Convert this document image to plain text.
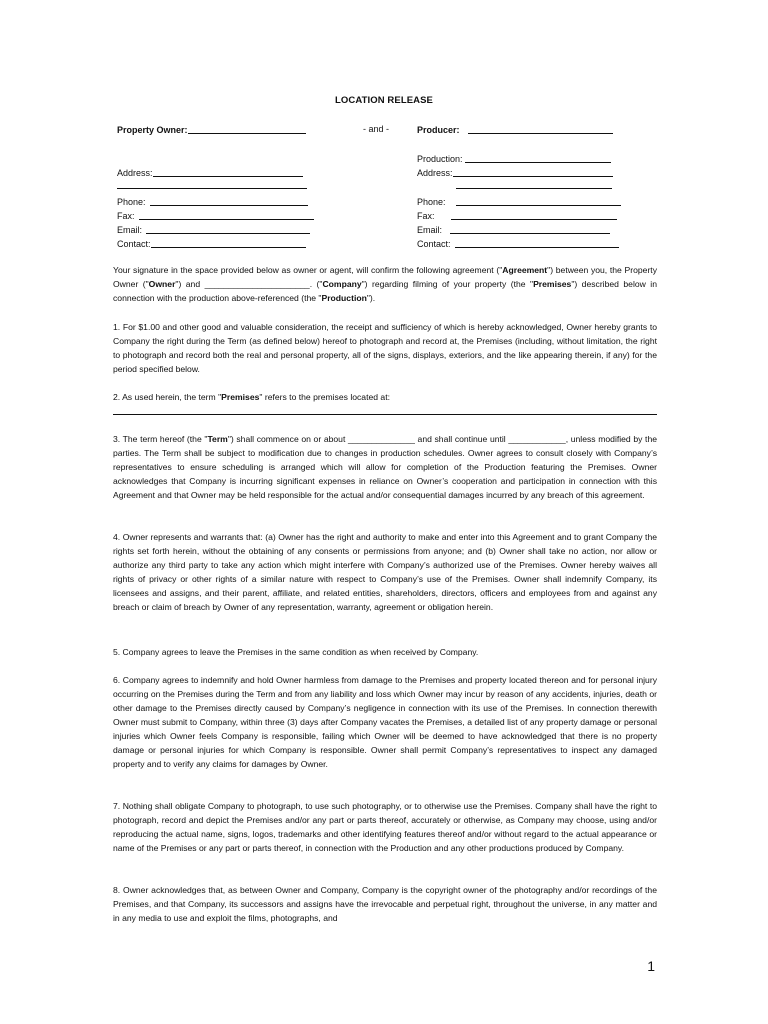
LOCATION RELEASE
Property Owner:	- and -	Producer:
Production:
Address:
Phone:
Fax:
Email:
Contact:
Address:
Phone:
Fax:
Email:
Contact:

Your signature in the space provided below as owner or agent, will confirm the following agreement ("Agreement") between you, the Property Owner ("Owner") and ______________________. ("Company") regarding filming of your property (the "Premises") described below in connection with the production above-referenced (the "Production").

1. For $1.00 and other good and valuable consideration, the receipt and sufficiency of which is hereby acknowledged, Owner hereby grants to Company the right during the Term (as defined below) hereof to photograph and record at, the Premises (including, without limitation, the right to photograph and record both the real and personal property, all of the signs, displays, exteriors, and the like appearing therein, if any) for the period specified below.

2. As used herein, the term "Premises" refers to the premises located at:

3. The term hereof (the "Term") shall commence on or about ______________ and shall continue until ____________, unless modified by the parties. The Term shall be subject to modification due to changes in production schedules. Owner agrees to consult closely with Company’s representatives to ensure scheduling is arranged which will allow for completion of the Production featuring the Premises. Owner acknowledges that Company is incurring significant expenses in reliance on Owner’s cooperation and participation in connection with this Agreement and that Owner may be held responsible for the actual and/or consequential damages incurred by any breach of this agreement.

4. Owner represents and warrants that: (a) Owner has the right and authority to make and enter into this Agreement and to grant Company the rights set forth herein, without the obtaining of any consents or permissions from anyone; and (b) Owner shall take no action, nor allow or authorize any third party to take any action which might interfere with Company’s authorized use of the Premises. Owner hereby waives all rights of privacy or other rights of a similar nature with respect to Company’s use of the Premises. Owner shall indemnify Company, its licensees and assigns, and their parent, affiliate, and related entities, shareholders, directors, officers and employees from and against any breach or claim of breach by Owner of any representation, warranty, agreement or obligation herein.

5. Company agrees to leave the Premises in the same condition as when received by Company.

6. Company agrees to indemnify and hold Owner harmless from damage to the Premises and property located thereon and for personal injury occurring on the Premises during the Term and from any liability and loss which Owner may incur by reason of any accidents, injuries, death or other damage to the Premises directly caused by Company’s negligence in connection with its use of the Premises. In connection therewith Owner must submit to Company, within three (3) days after Company vacates the Premises, a detailed list of any property damage or personal injuries which Owner feels Company is responsible, failing which Owner will be deemed to have acknowledged that there is no property damage or personal injuries for which Company is responsible. Owner shall permit Company’s representatives to inspect any damaged property and to verify any claims for damages by Owner.

7. Nothing shall obligate Company to photograph, to use such photography, or to otherwise use the Premises. Company shall have the right to photograph, record and depict the Premises and/or any part or parts thereof, accurately or otherwise, as Company may choose, using and/or reproducing the actual name, signs, logos, trademarks and other identifying features thereof and/or without regard to the actual appearance or name of the Premises or any part or parts thereof, in connection with the Production and any other productions produced by Company.

8. Owner acknowledges that, as between Owner and Company, Company is the copyright owner of the photography and/or recordings of the Premises, and that Company, its successors and assigns have the irrevocable and perpetual right, throughout the universe, in any matter and in any media to use and exploit the films, photographs, and

1
